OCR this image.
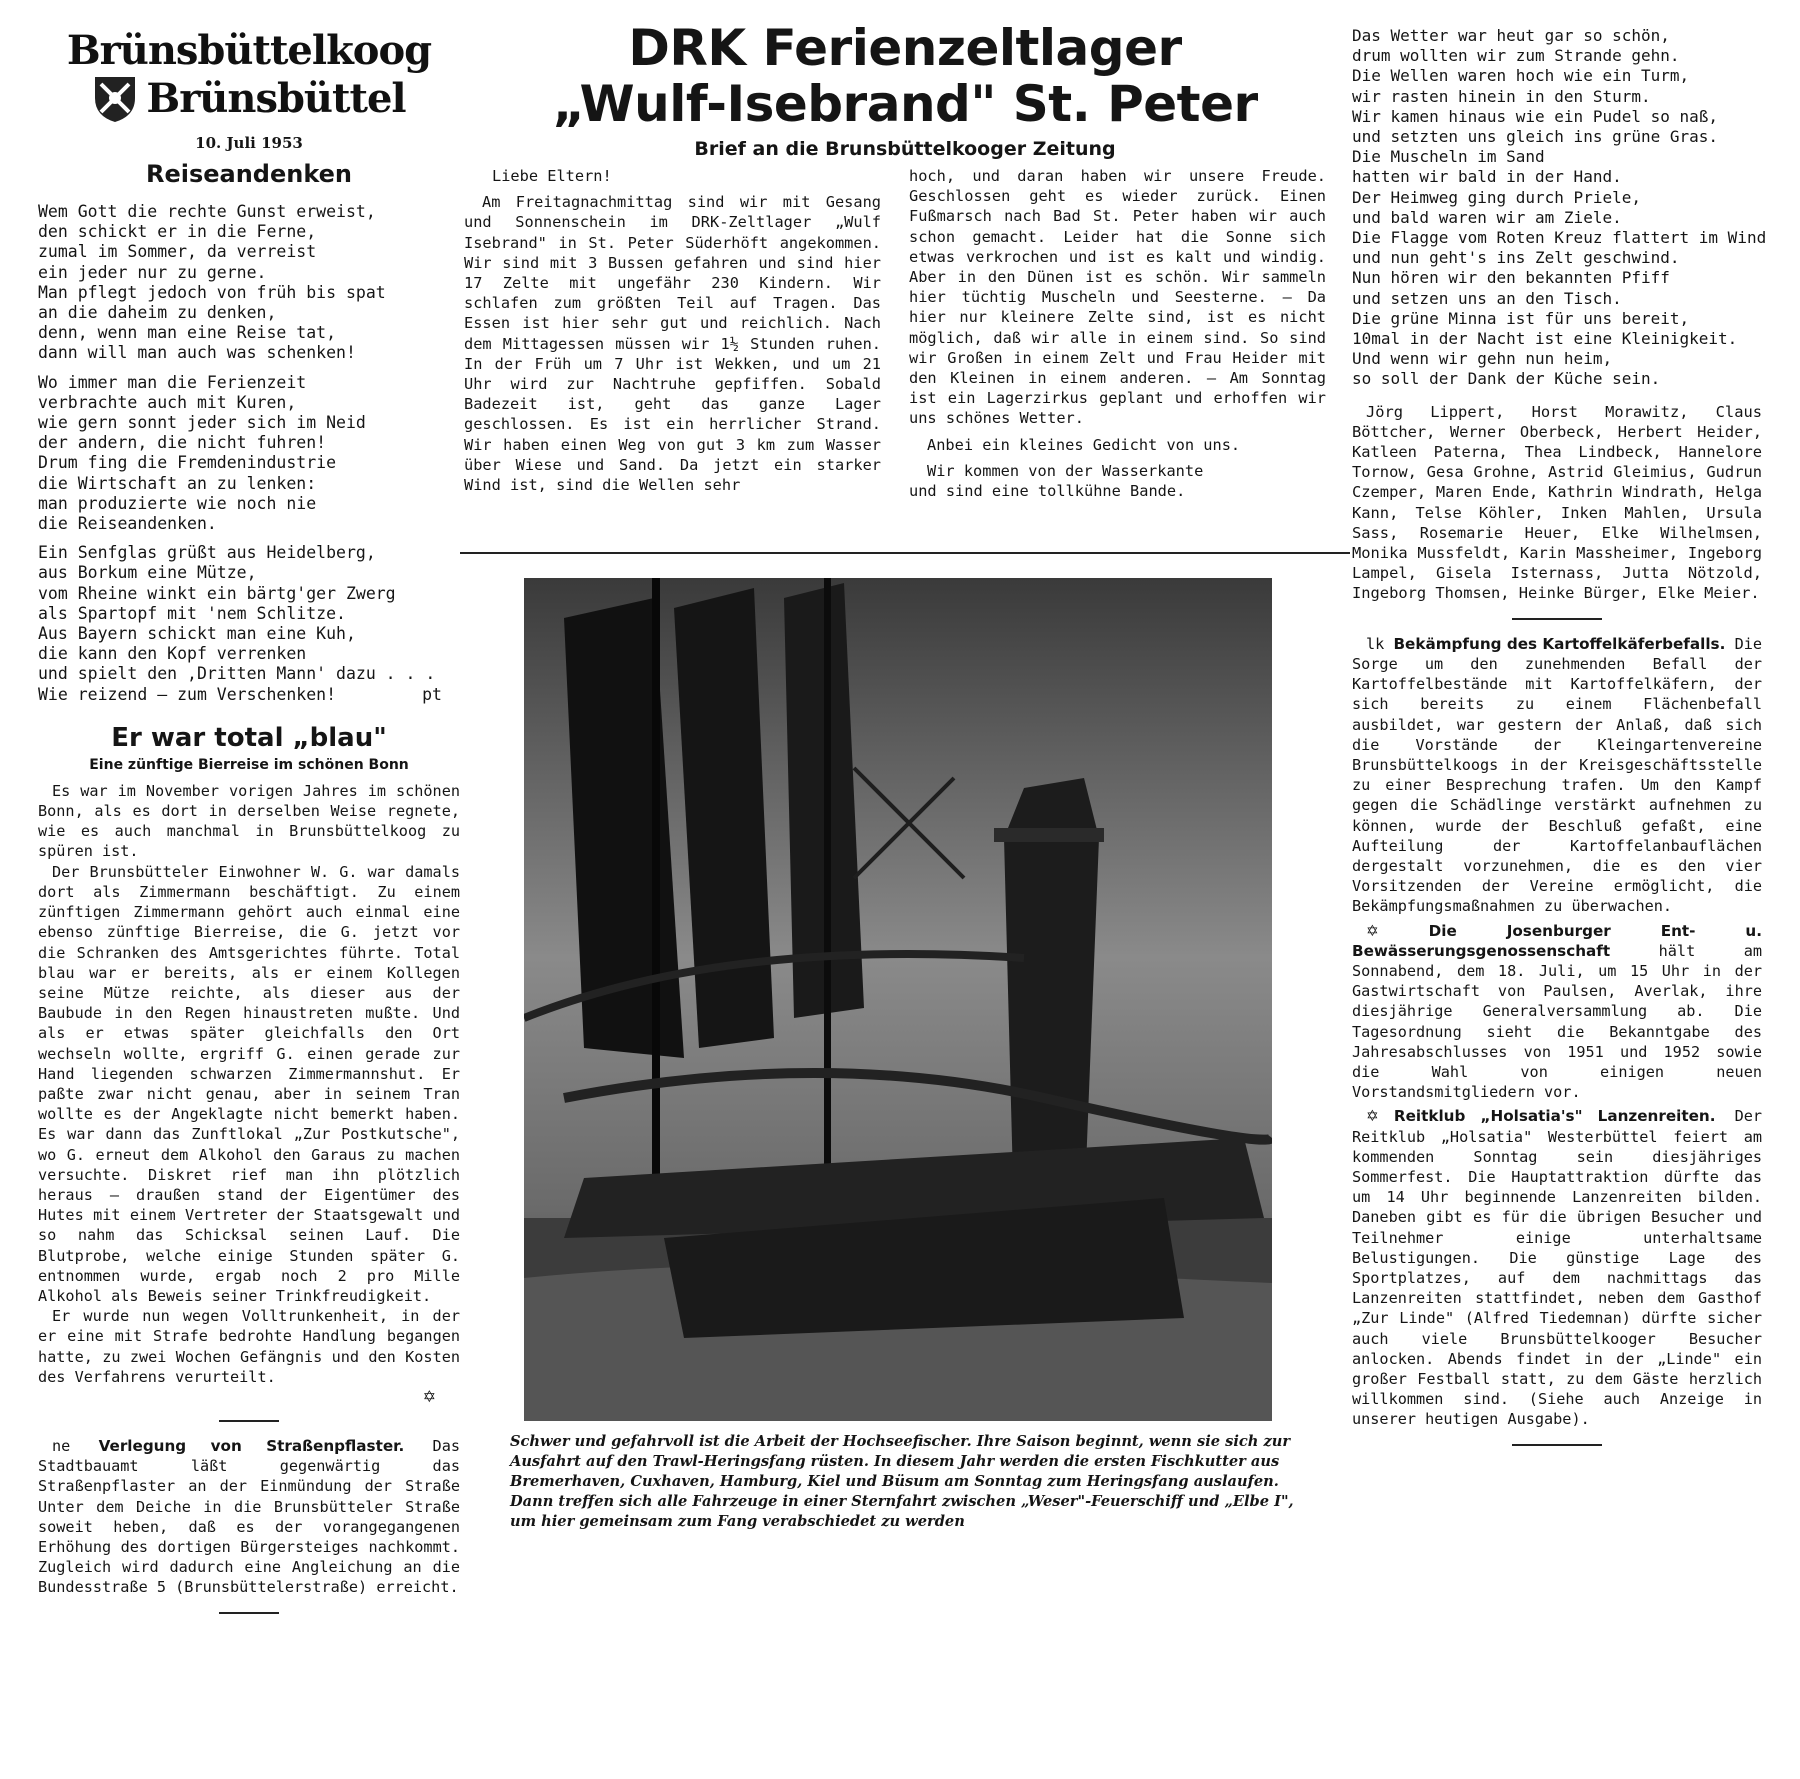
Brünsbüttelkoog
Brünsbüttel
10. Juli 1953
Reiseandenken
Wem Gott die rechte Gunst erweist,
den schickt er in die Ferne,
zumal im Sommer, da verreist
ein jeder nur zu gerne.
Man pflegt jedoch von früh bis spat
an die daheim zu denken,
denn, wenn man eine Reise tat,
dann will man auch was schenken!
Wo immer man die Ferienzeit
verbrachte auch mit Kuren,
wie gern sonnt jeder sich im Neid
der andern, die nicht fuhren!
Drum fing die Fremdenindustrie
die Wirtschaft an zu lenken:
man produzierte wie noch nie
die Reiseandenken.
Ein Senfglas grüßt aus Heidelberg,
aus Borkum eine Mütze,
vom Rheine winkt ein bärtg'ger Zwerg
als Spartopf mit 'nem Schlitze.
Aus Bayern schickt man eine Kuh,
die kann den Kopf verrenken
und spielt den ‚Dritten Mann' dazu . . .
Wie reizend — zum Verschenken!	pt
Er war total „blau"
Eine zünftige Bierreise im schönen Bonn

Es war im November vorigen Jahres im schönen Bonn, als es dort in derselben Weise regnete, wie es auch manchmal in Brunsbüttelkoog zu spüren ist.

Der Brunsbütteler Einwohner W. G. war damals dort als Zimmermann beschäftigt. Zu einem zünftigen Zimmermann gehört auch einmal eine ebenso zünftige Bierreise, die G. jetzt vor die Schranken des Amtsgerichtes führte. Total blau war er bereits, als er einem Kollegen seine Mütze reichte, als dieser aus der Baubude in den Regen hinaustreten mußte. Und als er etwas später gleichfalls den Ort wechseln wollte, ergriff G. einen gerade zur Hand liegenden schwarzen Zimmermannshut. Er paßte zwar nicht genau, aber in seinem Tran wollte es der Angeklagte nicht bemerkt haben. Es war dann das Zunftlokal „Zur Postkutsche", wo G. erneut dem Alkohol den Garaus zu machen versuchte. Diskret rief man ihn plötzlich heraus — draußen stand der Eigentümer des Hutes mit einem Vertreter der Staatsgewalt und so nahm das Schicksal seinen Lauf. Die Blutprobe, welche einige Stunden später G. entnommen wurde, ergab noch 2 pro Mille Alkohol als Beweis seiner Trinkfreudigkeit.

Er wurde nun wegen Volltrunkenheit, in der er eine mit Strafe bedrohte Handlung begangen hatte, zu zwei Wochen Gefängnis und den Kosten des Verfahrens verurteilt.

✡

ne Verlegung von Straßenpflaster. Das Stadtbauamt läßt gegenwärtig das Straßenpflaster an der Einmündung der Straße Unter dem Deiche in die Brunsbütteler Straße soweit heben, daß es der vorangegangenen Erhöhung des dortigen Bürgersteiges nachkommt. Zugleich wird dadurch eine Angleichung an die Bundesstraße 5 (Brunsbüttelerstraße) erreicht.

DRK Ferienzeltlager
„Wulf-Isebrand" St. Peter
Brief an die Brunsbüttelkooger Zeitung

Liebe Eltern!

Am Freitagnachmittag sind wir mit Gesang und Sonnenschein im DRK-Zeltlager „Wulf Isebrand" in St. Peter Süderhöft angekommen. Wir sind mit 3 Bussen gefahren und sind hier 17 Zelte mit ungefähr 230 Kindern. Wir schlafen zum größten Teil auf Tragen. Das Essen ist hier sehr gut und reichlich. Nach dem Mittagessen müssen wir 1½ Stunden ruhen. In der Früh um 7 Uhr ist Wekken, und um 21 Uhr wird zur Nachtruhe gepfiffen. Sobald Badezeit ist, geht das ganze Lager geschlossen. Es ist ein herrlicher Strand. Wir haben einen Weg von gut 3 km zum Wasser über Wiese und Sand. Da jetzt ein starker Wind ist, sind die Wellen sehr

hoch, und daran haben wir unsere Freude. Geschlossen geht es wieder zurück. Einen Fußmarsch nach Bad St. Peter haben wir auch schon gemacht. Leider hat die Sonne sich etwas verkrochen und ist es kalt und windig. Aber in den Dünen ist es schön. Wir sammeln hier tüchtig Muscheln und Seesterne. — Da hier nur kleinere Zelte sind, ist es nicht möglich, daß wir alle in einem sind. So sind wir Großen in einem Zelt und Frau Heider mit den Kleinen in einem anderen. — Am Sonntag ist ein Lagerzirkus geplant und erhoffen wir uns schönes Wetter.

Anbei ein kleines Gedicht von uns.

Wir kommen von der Wasserkante
und sind eine tollkühne Bande.

Schwer und gefahrvoll ist die Arbeit der Hochseefischer. Ihre Saison beginnt, wenn sie sich zur Ausfahrt auf den Trawl-Heringsfang rüsten. In diesem Jahr werden die ersten Fischkutter aus Bremerhaven, Cuxhaven, Hamburg, Kiel und Büsum am Sonntag zum Heringsfang auslaufen. Dann treffen sich alle Fahrzeuge in einer Sternfahrt zwischen „Weser"-Feuerschiff und „Elbe I", um hier gemeinsam zum Fang verabschiedet zu werden
Das Wetter war heut gar so schön,
drum wollten wir zum Strande gehn.
Die Wellen waren hoch wie ein Turm,
wir rasten hinein in den Sturm.
Wir kamen hinaus wie ein Pudel so naß,
und setzten uns gleich ins grüne Gras.
Die Muscheln im Sand
hatten wir bald in der Hand.
Der Heimweg ging durch Priele,
und bald waren wir am Ziele.
Die Flagge vom Roten Kreuz flattert im Wind
und nun geht's ins Zelt geschwind.
Nun hören wir den bekannten Pfiff
und setzen uns an den Tisch.
Die grüne Minna ist für uns bereit,
10mal in der Nacht ist eine Kleinigkeit.
Und wenn wir gehn nun heim,
so soll der Dank der Küche sein.
Jörg Lippert, Horst Morawitz, Claus Böttcher, Werner Oberbeck, Herbert Heider, Katleen Paterna, Thea Lindbeck, Hannelore Tornow, Gesa Grohne, Astrid Gleimius, Gudrun Czemper, Maren Ende, Kathrin Windrath, Helga Kann, Telse Köhler, Inken Mahlen, Ursula Sass, Rosemarie Heuer, Elke Wilhelmsen, Monika Mussfeldt, Karin Massheimer, Ingeborg Lampel, Gisela Isternass, Jutta Nötzold, Ingeborg Thomsen, Heinke Bürger, Elke Meier.

lk Bekämpfung des Kartoffelkäferbefalls. Die Sorge um den zunehmenden Befall der Kartoffelbestände mit Kartoffelkäfern, der sich bereits zu einem Flächenbefall ausbildet, war gestern der Anlaß, daß sich die Vorstände der Kleingartenvereine Brunsbüttelkoogs in der Kreisgeschäftsstelle zu einer Besprechung trafen. Um den Kampf gegen die Schädlinge verstärkt aufnehmen zu können, wurde der Beschluß gefaßt, eine Aufteilung der Kartoffelanbauflächen dergestalt vorzunehmen, die es den vier Vorsitzenden der Vereine ermöglicht, die Bekämpfungsmaßnahmen zu überwachen.

✡ Die Josenburger Ent- u. Bewässerungsgenossenschaft	hält am Sonnabend, dem 18. Juli, um 15 Uhr in der Gastwirtschaft von Paulsen, Averlak, ihre diesjährige Generalversammlung ab. Die Tagesordnung sieht die Bekanntgabe des Jahresabschlusses von 1951 und 1952 sowie die Wahl von einigen neuen Vorstandsmitgliedern vor.

✡ Reitklub „Holsatia's" Lanzenreiten. Der Reitklub „Holsatia" Westerbüttel feiert am kommenden Sonntag sein diesjähriges Sommerfest. Die Hauptattraktion dürfte das um 14 Uhr beginnende Lanzenreiten bilden. Daneben gibt es für die übrigen Besucher und Teilnehmer einige unterhaltsame Belustigungen. Die günstige Lage des Sportplatzes, auf dem nachmittags das Lanzenreiten stattfindet, neben dem Gasthof „Zur Linde" (Alfred Tiedemnan) dürfte sicher auch viele Brunsbüttelkooger Besucher anlocken. Abends findet in der „Linde" ein großer Festball statt, zu dem Gäste herzlich willkommen sind. (Siehe auch Anzeige in unserer heutigen Ausgabe).
